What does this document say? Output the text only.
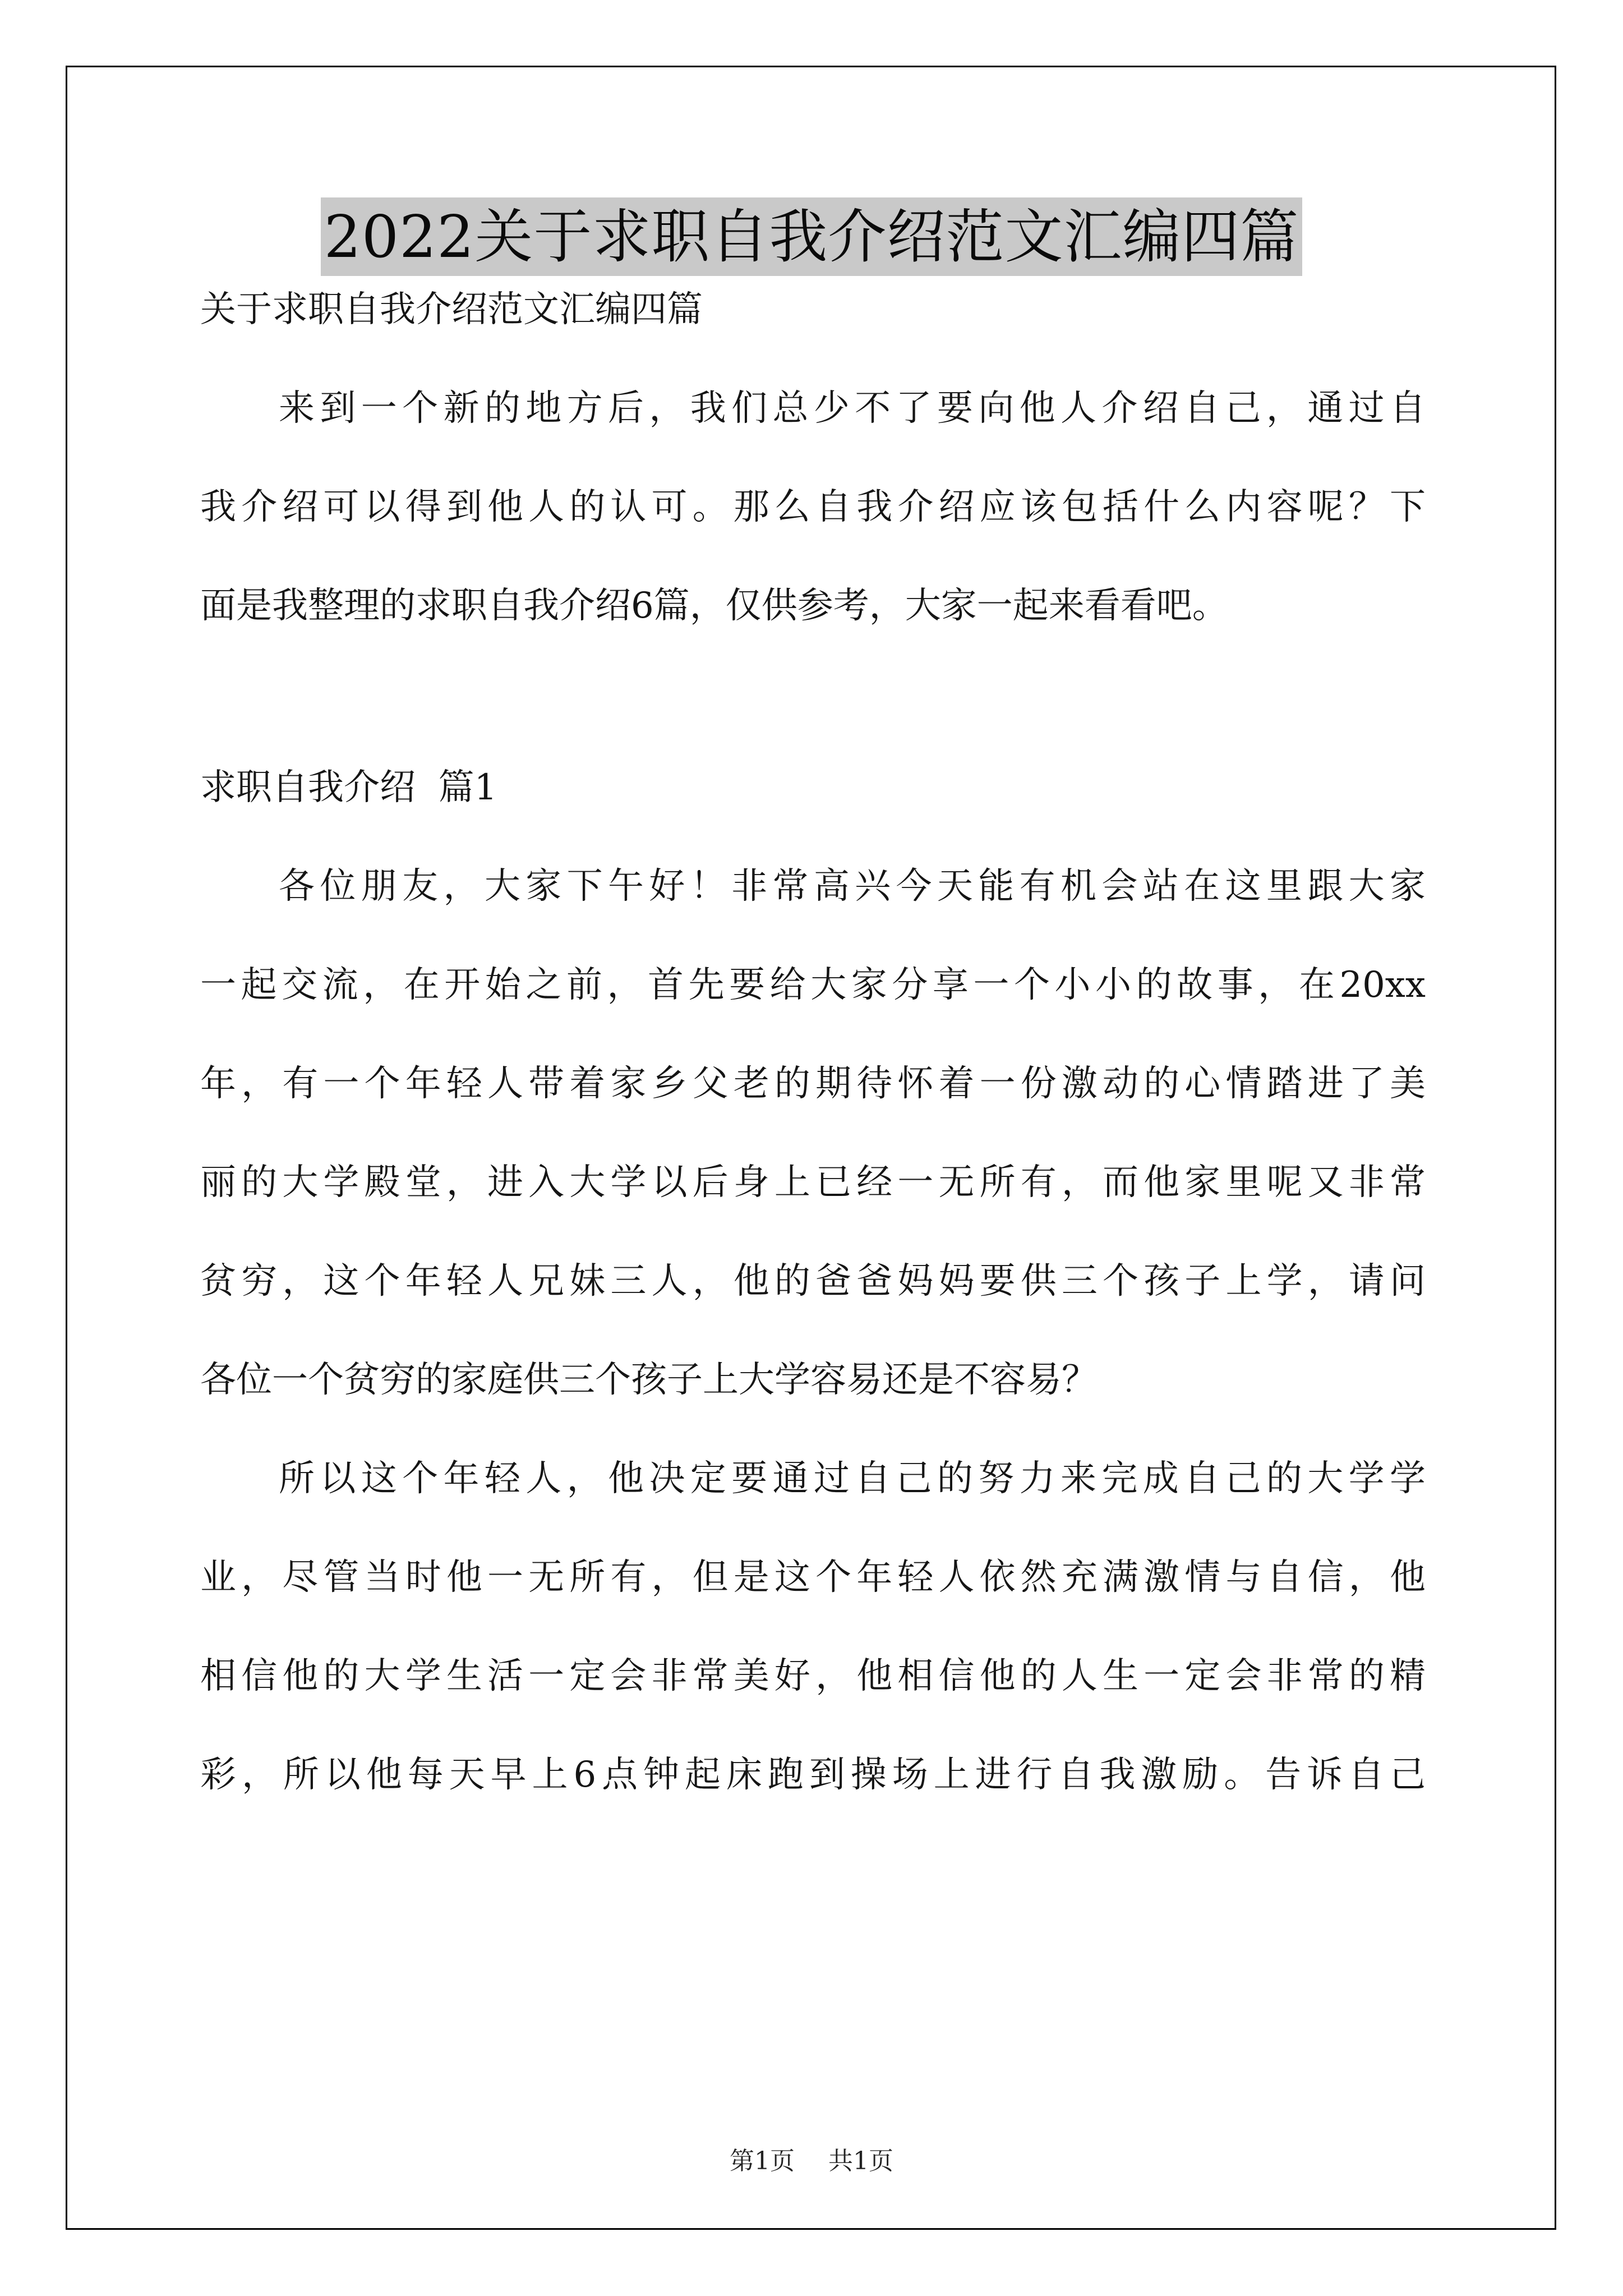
2022关于求职自我介绍范文汇编四篇
关于求职自我介绍范文汇编四篇
来到一个新的地方后，我们总少不了要向他人介绍自己，通过自
我介绍可以得到他人的认可。那么自我介绍应该包括什么内容呢？下
面是我整理的求职自我介绍6篇，仅供参考，大家一起来看看吧。
求职自我介绍  篇1
各位朋友，大家下午好！非常高兴今天能有机会站在这里跟大家
一起交流，在开始之前，首先要给大家分享一个小小的故事，在20xx
年，有一个年轻人带着家乡父老的期待怀着一份激动的心情踏进了美
丽的大学殿堂，进入大学以后身上已经一无所有，而他家里呢又非常
贫穷，这个年轻人兄妹三人，他的爸爸妈妈要供三个孩子上学，请问
各位一个贫穷的家庭供三个孩子上大学容易还是不容易？
所以这个年轻人，他决定要通过自己的努力来完成自己的大学学
业，尽管当时他一无所有，但是这个年轻人依然充满激情与自信，他
相信他的大学生活一定会非常美好，他相信他的人生一定会非常的精
彩，所以他每天早上6点钟起床跑到操场上进行自我激励。告诉自己
第1页 共1页
